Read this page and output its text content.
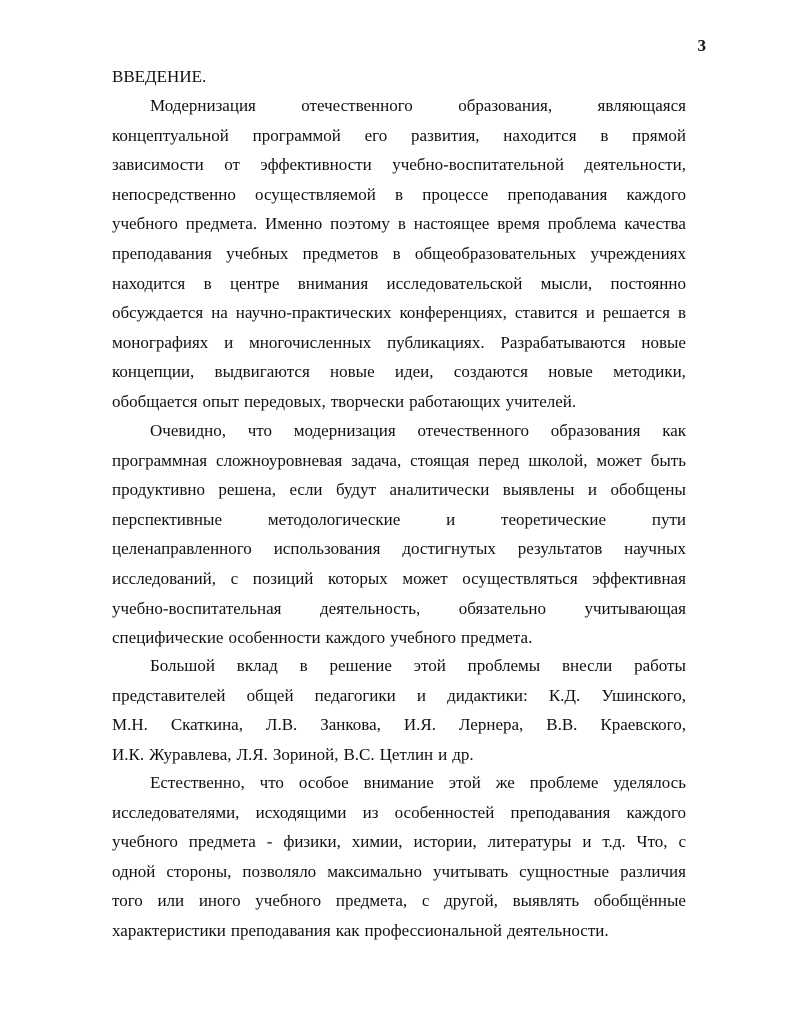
3
ВВЕДЕНИЕ.
Модернизация	отечественного	образования,	являющаяся
концептуальной программой его развития, находится в прямой
зависимости от эффективности учебно-воспитательной деятельности,
непосредственно осуществляемой в процессе преподавания каждого
учебного предмета. Именно поэтому в настоящее время проблема качества
преподавания учебных предметов в общеобразовательных учреждениях
находится в центре внимания исследовательской мысли, постоянно
обсуждается на научно-практических конференциях, ставится и решается в
монографиях и многочисленных публикациях. Разрабатываются новые
концепции, выдвигаются новые идеи, создаются новые методики,
обобщается опыт передовых, творчески работающих учителей.
Очевидно, что модернизация отечественного образования как
программная сложноуровневая задача, стоящая перед школой, может быть
продуктивно решена, если будут аналитически выявлены и обобщены
перспективные	методологические	и	теоретические	пути
целенаправленного использования достигнутых результатов научных
исследований, с позиций которых может осуществляться эффективная
учебно-воспитательная деятельность, обязательно учитывающая
специфические особенности каждого учебного предмета.
Большой вклад в решение этой проблемы внесли работы
представителей общей педагогики и дидактики: К.Д. Ушинского,
М.Н. Скаткина, Л.В. Занкова, И.Я. Лернера, В.В. Краевского,
И.К. Журавлева, Л.Я. Зориной, В.С. Цетлин и др.
Естественно, что особое внимание этой же проблеме уделялось
исследователями, исходящими из особенностей преподавания каждого
учебного предмета - физики, химии, истории, литературы и т.д. Что, с
одной стороны, позволяло максимально учитывать сущностные различия
того или иного учебного предмета, с другой, выявлять обобщённые
характеристики преподавания как профессиональной деятельности.
